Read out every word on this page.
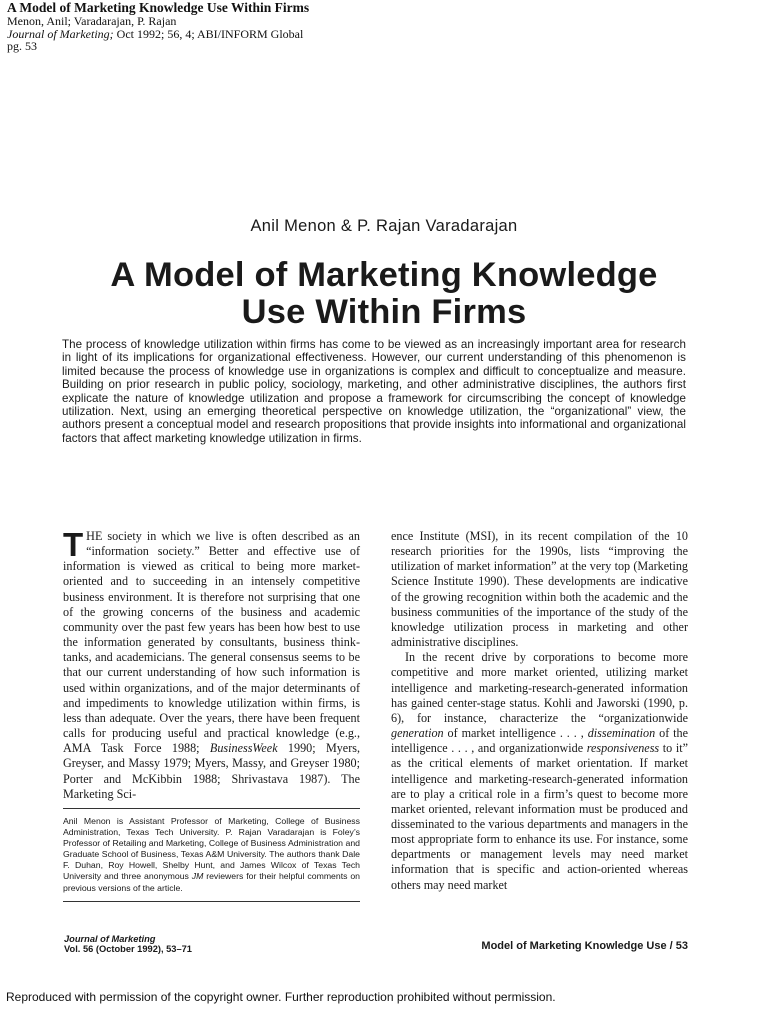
A Model of Marketing Knowledge Use Within Firms
Menon, Anil; Varadarajan, P. Rajan
Journal of Marketing; Oct 1992; 56, 4; ABI/INFORM Global
pg. 53
Anil Menon & P. Rajan Varadarajan
A Model of Marketing Knowledge
Use Within Firms
The process of knowledge utilization within firms has come to be viewed as an increasingly important area for research in light of its implications for organizational effectiveness. However, our current understanding of this phenomenon is limited because the process of knowledge use in organizations is complex and difficult to conceptualize and measure. Building on prior research in public policy, sociology, marketing, and other administrative disciplines, the authors first explicate the nature of knowledge utilization and propose a framework for circumscribing the concept of knowledge utilization. Next, using an emerging theoretical perspective on knowledge utilization, the “organizational” view, the authors present a conceptual model and research propositions that provide insights into informational and organizational factors that affect marketing knowledge utilization in firms.

THE society in which we live is often described as an “information society.” Better and effective use of information is viewed as critical to being more market-oriented and to succeeding in an intensely competitive business environment. It is therefore not surprising that one of the growing concerns of the business and academic community over the past few years has been how best to use the information generated by consultants, business think-tanks, and academicians. The general consensus seems to be that our current understanding of how such information is used within organizations, and of the major determinants of and impediments to knowledge utilization within firms, is less than adequate. Over the years, there have been frequent calls for producing useful and practical knowledge (e.g., AMA Task Force 1988; BusinessWeek 1990; Myers, Greyser, and Massy 1979; Myers, Massy, and Greyser 1980; Porter and McKibbin 1988; Shrivastava 1987). The Marketing Sci-

Anil Menon is Assistant Professor of Marketing, College of Business Administration, Texas Tech University. P. Rajan Varadarajan is Foley’s Professor of Retailing and Marketing, College of Business Administration and Graduate School of Business, Texas A&M University. The authors thank Dale F. Duhan, Roy Howell, Shelby Hunt, and James Wilcox of Texas Tech University and three anonymous JM reviewers for their helpful comments on previous versions of the article.

ence Institute (MSI), in its recent compilation of the 10 research priorities for the 1990s, lists “improving the utilization of market information” at the very top (Marketing Science Institute 1990). These developments are indicative of the growing recognition within both the academic and the business communities of the importance of the study of the knowledge utilization process in marketing and other administrative disciplines.

In the recent drive by corporations to become more competitive and more market oriented, utilizing market intelligence and marketing-research-generated information has gained center-stage status. Kohli and Jaworski (1990, p. 6), for instance, characterize the “organizationwide generation of market intelligence . . . , dissemination of the intelligence . . . , and organizationwide responsiveness to it” as the critical elements of market orientation. If market intelligence and marketing-research-generated information are to play a critical role in a firm’s quest to become more market oriented, relevant information must be produced and disseminated to the various departments and managers in the most appropriate form to enhance its use. For instance, some departments or management levels may need market information that is specific and action-oriented whereas others may need market

Journal of Marketing
Vol. 56 (October 1992), 53–71	Model of Marketing Knowledge Use / 53
Reproduced with permission of the copyright owner. Further reproduction prohibited without permission.
